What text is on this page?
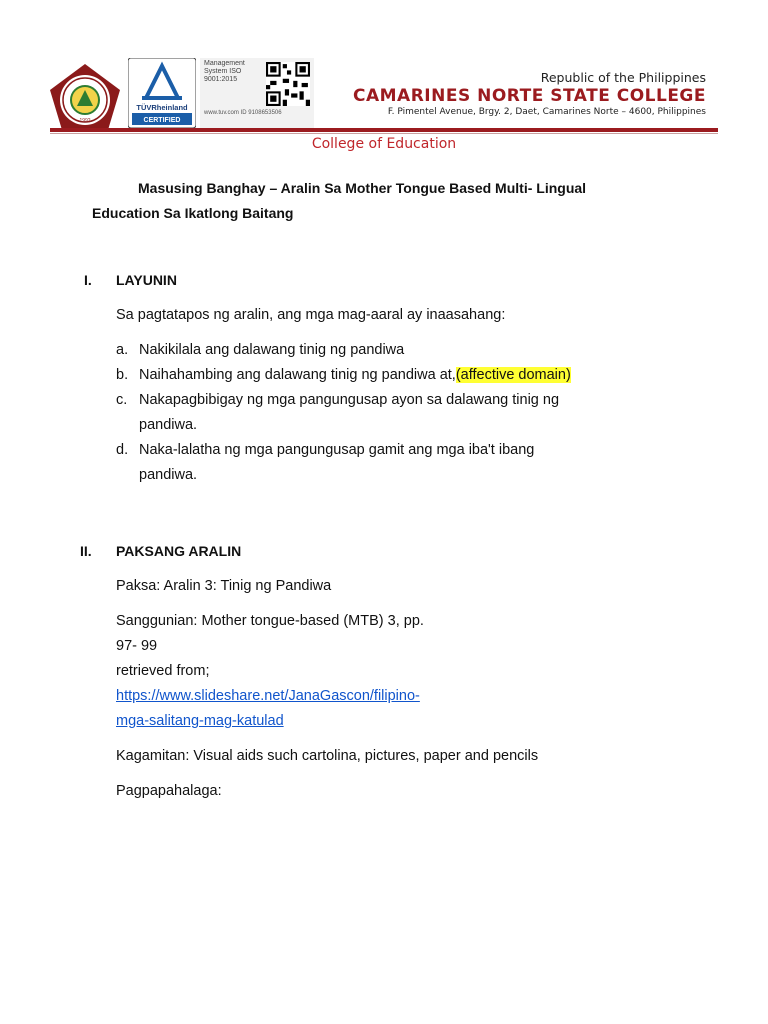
1992
TÜVRheinland
CERTIFIED
Management System ISO 9001:2015
www.tuv.com ID 9108653506
Republic of the Philippines
CAMARINES NORTE STATE COLLEGE
F. Pimentel Avenue, Brgy. 2, Daet, Camarines Norte – 4600, Philippines
College of Education
Masusing Banghay – Aralin Sa Mother Tongue Based Multi- Lingual
Education Sa Ikatlong Baitang
I. LAYUNIN
Sa pagtatapos ng aralin, ang mga mag-aaral ay inaasahang:
a. Nakikilala ang dalawang tinig ng pandiwa
b. Naihahambing ang dalawang tinig ng pandiwa at,(affective domain)
c. Nakapagbibigay ng mga pangungusap ayon sa dalawang tinig ng pandiwa.
d. Naka-lalatha ng mga pangungusap gamit ang mga iba't ibang pandiwa.
II. PAKSANG ARALIN
Paksa: Aralin 3: Tinig ng Pandiwa
Sanggunian: Mother tongue-based (MTB) 3, pp.
97- 99
retrieved from;
https://www.slideshare.net/JanaGascon/filipino-
mga-salitang-mag-katulad
Kagamitan: Visual aids such cartolina, pictures, paper and pencils
Pagpapahalaga:
